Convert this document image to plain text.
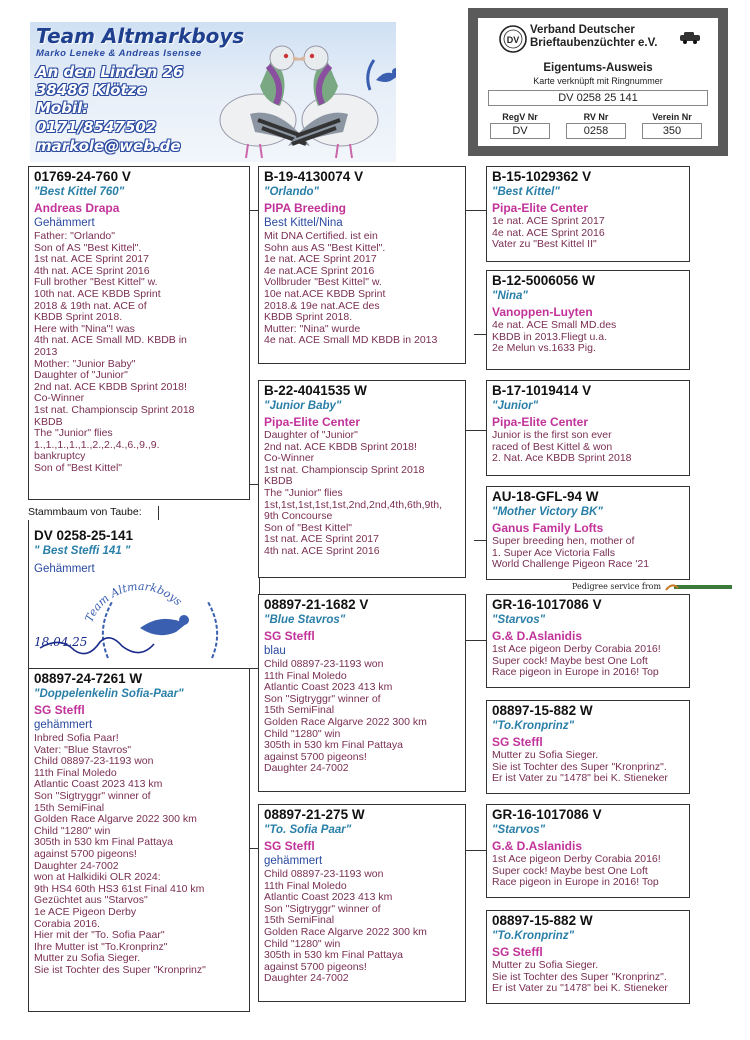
Team Altmarkboys
Marko Leneke & Andreas Isensee
An den Linden 26
38486 Klötze
Mobil:
0171/8547502
markole@web.de
DV
Verband Deutscher
Brieftaubenzüchter e.V.
Eigentums-Ausweis
Karte verknüpft mit Ringnummer
DV 0258 25 141
RegV Nr	RV Nr	Verein Nr
DV	0258	350
01769-24-760 V
"Best Kittel 760"
Andreas Drapa
Gehämmert
Father: "Orlando"
Son of AS "Best Kittel".
1st nat. ACE Sprint 2017
4th nat. ACE Sprint 2016
Full brother "Best Kittel" w.
10th nat. ACE KBDB Sprint
2018 & 19th nat. ACE of
KBDB Sprint 2018.
Here with "Nina"! was
4th nat. ACE Small MD. KBDB in
2013
Mother: "Junior Baby"
Daughter of "Junior"
2nd nat. ACE KBDB Sprint 2018!
Co-Winner
1st nat. Championscip Sprint 2018
KBDB
The "Junior" flies
1.,1.,1.,1.,1.,2.,2.,4.,6.,9.,9.
bankruptcy
Son of "Best Kittel"
Stammbaum von Taube:
DV 0258-25-141
" Best Steffi 141 "
Gehämmert
Team Altmarkboys
18.04.25
08897-24-7261 W
"Doppelenkelin Sofia-Paar"
SG Steffl
gehämmert
Inbred Sofia Paar!
Vater: "Blue Stavros"
Child 08897-23-1193 won
11th Final Moledo
Atlantic Coast 2023 413 km
Son "Sigtryggr" winner of
15th SemiFinal
Golden Race Algarve 2022 300 km
Child "1280" win
305th in 530 km Final Pattaya
against 5700 pigeons!
Daughter 24-7002
won at Halkidiki OLR 2024:
9th HS4 60th HS3 61st Final 410 km
Gezüchtet aus "Starvos"
1e ACE Pigeon Derby
Corabia 2016.
Hier mit der "To. Sofia Paar"
Ihre Mutter ist "To.Kronprinz"
Mutter zu Sofia Sieger.
Sie ist Tochter des Super "Kronprinz"
B-19-4130074 V
"Orlando"
PIPA Breeding
Best Kittel/Nina
Mit DNA Certified. ist ein
Sohn aus AS "Best Kittel".
1e nat. ACE Sprint 2017
4e nat.ACE Sprint 2016
Vollbruder "Best Kittel" w.
10e nat.ACE KBDB Sprint
2018.& 19e nat.ACE des
KBDB Sprint 2018.
Mutter: "Nina" wurde
4e nat. ACE Small MD KBDB in 2013
B-22-4041535 W
"Junior Baby"
Pipa-Elite Center
Daughter of "Junior"
2nd nat. ACE KBDB Sprint 2018!
Co-Winner
1st nat. Championscip Sprint 2018
KBDB
The "Junior" flies
1st,1st,1st,1st,1st,2nd,2nd,4th,6th,9th,
9th Concourse
Son of "Best Kittel"
1st nat. ACE Sprint 2017
4th nat. ACE Sprint 2016
08897-21-1682 V
"Blue Stavros"
SG Steffl
blau
Child 08897-23-1193 won
11th Final Moledo
Atlantic Coast 2023 413 km
Son "Sigtryggr" winner of
15th SemiFinal
Golden Race Algarve 2022 300 km
Child "1280" win
305th in 530 km Final Pattaya
against 5700 pigeons!
Daughter 24-7002
08897-21-275 W
"To. Sofia Paar"
SG Steffl
gehämmert
Child 08897-23-1193 won
11th Final Moledo
Atlantic Coast 2023 413 km
Son "Sigtryggr" winner of
15th SemiFinal
Golden Race Algarve 2022 300 km
Child "1280" win
305th in 530 km Final Pattaya
against 5700 pigeons!
Daughter 24-7002
B-15-1029362 V
"Best Kittel"
Pipa-Elite Center
1e nat. ACE Sprint 2017
4e nat. ACE Sprint 2016
Vater zu "Best Kittel II"
B-12-5006056 W
"Nina"
Vanoppen-Luyten
4e nat. ACE Small MD.des
KBDB in 2013.Fliegt u.a.
2e Melun vs.1633 Pig.
B-17-1019414 V
"Junior"
Pipa-Elite Center
Junior is the first son ever
raced of Best Kittel & won
2. Nat. Ace KBDB Sprint 2018
AU-18-GFL-94 W
"Mother Victory BK"
Ganus Family Lofts
Super breeding hen, mother of
1. Super Ace Victoria Falls
World Challenge Pigeon Race '21
Pedigree service from
GR-16-1017086 V
"Starvos"
G.& D.Aslanidis
1st Ace pigeon Derby Corabia 2016!
Super cock! Maybe best One Loft
Race pigeon in Europe in 2016! Top
08897-15-882 W
"To.Kronprinz"
SG Steffl
Mutter zu Sofia Sieger.
Sie ist Tochter des Super "Kronprinz".
Er ist Vater zu "1478" bei K. Stieneker
GR-16-1017086 V
"Starvos"
G.& D.Aslanidis
1st Ace pigeon Derby Corabia 2016!
Super cock! Maybe best One Loft
Race pigeon in Europe in 2016! Top
08897-15-882 W
"To.Kronprinz"
SG Steffl
Mutter zu Sofia Sieger.
Sie ist Tochter des Super "Kronprinz".
Er ist Vater zu "1478" bei K. Stieneker
